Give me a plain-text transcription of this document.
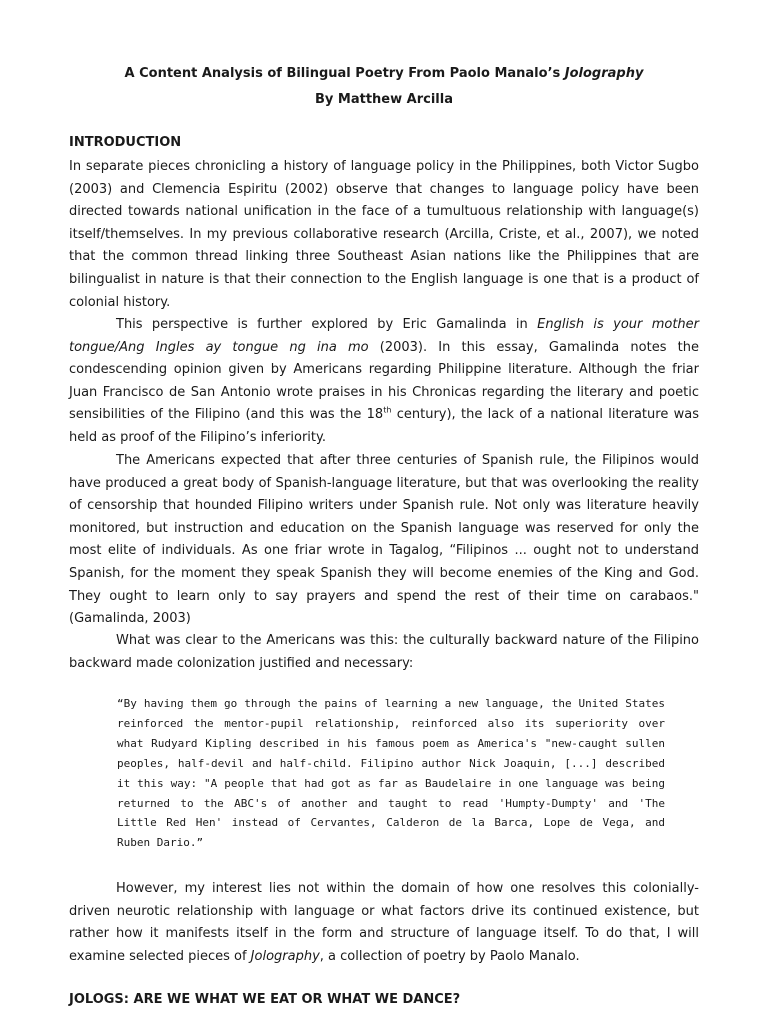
A Content Analysis of Bilingual Poetry From Paolo Manalo’s Jolography

By Matthew Arcilla

INTRODUCTION

In separate pieces chronicling a history of language policy in the Philippines, both Victor Sugbo (2003) and Clemencia Espiritu (2002) observe that changes to language policy have been directed towards national unification in the face of a tumultuous relationship with language(s) itself/themselves. In my previous collaborative research (Arcilla, Criste, et al., 2007), we noted that the common thread linking three Southeast Asian nations like the Philippines that are bilingualist in nature is that their connection to the English language is one that is a product of colonial history.

This perspective is further explored by Eric Gamalinda in English is your mother tongue/Ang Ingles ay tongue ng ina mo (2003). In this essay, Gamalinda notes the condescending opinion given by Americans regarding Philippine literature. Although the friar Juan Francisco de San Antonio wrote praises in his Chronicas regarding the literary and poetic sensibilities of the Filipino (and this was the 18th century), the lack of a national literature was held as proof of the Filipino’s inferiority.

The Americans expected that after three centuries of Spanish rule, the Filipinos would have produced a great body of Spanish-language literature, but that was overlooking the reality of censorship that hounded Filipino writers under Spanish rule. Not only was literature heavily monitored, but instruction and education on the Spanish language was reserved for only the most elite of individuals. As one friar wrote in Tagalog, “Filipinos ... ought not to understand Spanish, for the moment they speak Spanish they will become enemies of the King and God. They ought to learn only to say prayers and spend the rest of their time on carabaos." (Gamalinda, 2003)

What was clear to the Americans was this: the culturally backward nature of the Filipino backward made colonization justified and necessary:

“By having them go through the pains of learning a new language, the United States reinforced the mentor-pupil relationship, reinforced also its superiority over what Rudyard Kipling described in his famous poem as America's "new-caught sullen peoples, half-devil and half-child. Filipino author Nick Joaquin, [...] described it this way: "A people that had got as far as Baudelaire in one language was being returned to the ABC's of another and taught to read 'Humpty-Dumpty' and 'The Little Red Hen' instead of Cervantes, Calderon de la Barca, Lope de Vega, and Ruben Dario.”

However, my interest lies not within the domain of how one resolves this colonially-driven neurotic relationship with language or what factors drive its continued existence, but rather how it manifests itself in the form and structure of language itself. To do that, I will examine selected pieces of Jolography, a collection of poetry by Paolo Manalo.

JOLOGS: ARE WE WHAT WE EAT OR WHAT WE DANCE?
